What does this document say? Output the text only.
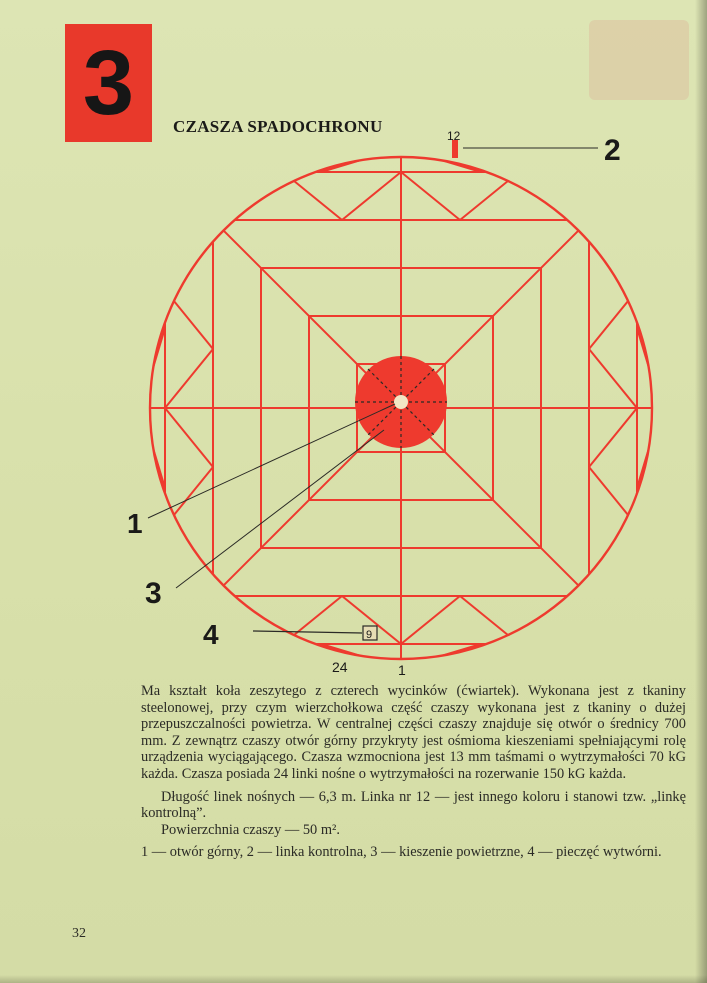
3	CZASZA SPADOCHRONU
9
2
1
3
4
12
24	1

Ma kształt koła zeszytego z czterech wycinków (ćwiartek). Wykonana jest z tkaniny steelonowej, przy czym wierzchołkowa część czaszy wykonana jest z tkaniny o dużej przepuszczalności powietrza. W centralnej części czaszy znajduje się otwór o średnicy 700 mm. Z zewnątrz czaszy otwór górny przykryty jest ośmioma kieszeniami spełniającymi rolę urządzenia wyciągającego. Czasza wzmocniona jest 13 mm taśmami o wytrzymałości 70 kG każda. Czasza posiada 24 linki nośne o wytrzymałości na rozerwanie 150 kG każda.

Długość linek nośnych — 6,3 m. Linka nr 12 — jest innego koloru i stanowi tzw. „linkę kontrolną”.

Powierzchnia czaszy — 50 m².

1 — otwór górny, 2 — linka kontrolna, 3 — kieszenie powietrzne, 4 — pieczęć wytwórni.

32
